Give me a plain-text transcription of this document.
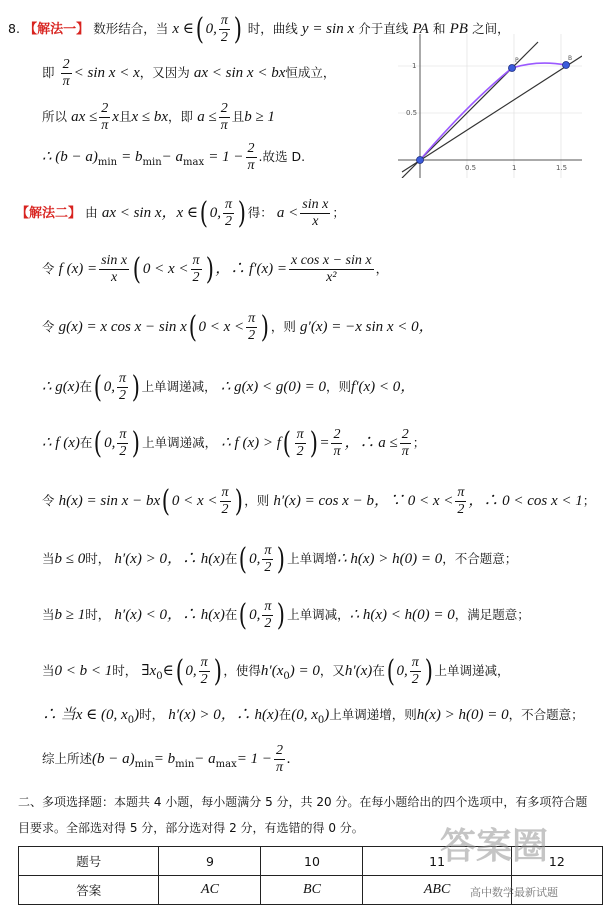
8. 【解法一】 数形结合，当 x ∈( 0, $\frac{\pi}{2}$ ) 时，曲线 y = sin x 介于直线 PA 和 PB 之间，
即 $\frac{2}{\pi} < \sin x < x$，又因为 ax < sin x < bx恒成立，
所以 ax ≤ $\frac{2}{\pi}$ x且x ≤ bx，即 $a \le \frac{2}{\pi}$ 且b ≥ 1
∴ $(b - a)_{min} = b_{min}- a_{max} = 1 - \frac{2}{\pi}$ .故选 D.
0.5	1	1.5
1
0.5
P	B
【解法二】 由 ax < sin x，x ∈( 0, $\frac{\pi}{2}$ ) 得： $a < \frac{\text{sin x}}{x}$ ；
令 f $(x) = \frac{\text{sin x}}{x}$ ( $0 < x < \frac{\pi}{2}$ ) ，∴ $f'(x) = \frac{\text{x cos x − sin x}}{\text{x²}}$ ，
令 g(x) = x cos x − sin x( $0 < x < \frac{\pi}{2}$ ) ，则 g′(x) = −x sin x < 0，
∴ g(x)在( 0, $\frac{\pi}{2}$ ) 上单调递减， ∴ g(x) < g(0) = 0，则f′(x) < 0，
∴ f (x)在( 0, $\frac{\pi}{2}$ ) 上单调递减， ∴ f $(x) > f( \frac{\pi}{2}$ ) = $\frac{2}{\pi}$ ，∴ $a \le \frac{2}{\pi}$ ；
令 h(x) = sin x − bx( $0 < x < \frac{\pi}{2}$ ) ，则 h′(x) = cos x − b，∵ $0 < x < \frac{\pi}{2}$ ，∴ 0 < cos x < 1；
当b ≤ 0时， h′(x) > 0，∴ h(x)在( 0, $\frac{\pi}{2}$ ) 上单调增∴ h(x) > h(0) = 0，不合题意；
当b ≥ 1时， h′(x) < 0，∴ h(x)在( 0, $\frac{\pi}{2}$ ) 上单调减，∴ h(x) < h(0) = 0，满足题意；
当0 < b < 1时， $\exists x_0\in$( 0, $\frac{\pi}{2}$ ) ，使得$h'(x_0) = 0$，又h′(x)在( 0, $\frac{\pi}{2}$ ) 上单调递减，
∴ 当x ∈ (0, $x_0$)时， h′(x) > 0，∴ h(x)在(0, $x_0$)上单调递增，则h(x) > h(0) = 0，不合题意；
综上所述$(b - a)_{min}= b_{min}- a_{max}= 1 - \frac{2}{\pi}$ .
二、多项选择题：本题共 4 小题，每小题满分 5 分，共 20 分。在每小题给出的四个选项中，有多项符合题
目要求。全部选对得 5 分，部分选对得 2 分，有选错的得 0 分。
题号	9	10	11	12
答案	AC	BC	ABC	
答案圈
高中数学最新试题
